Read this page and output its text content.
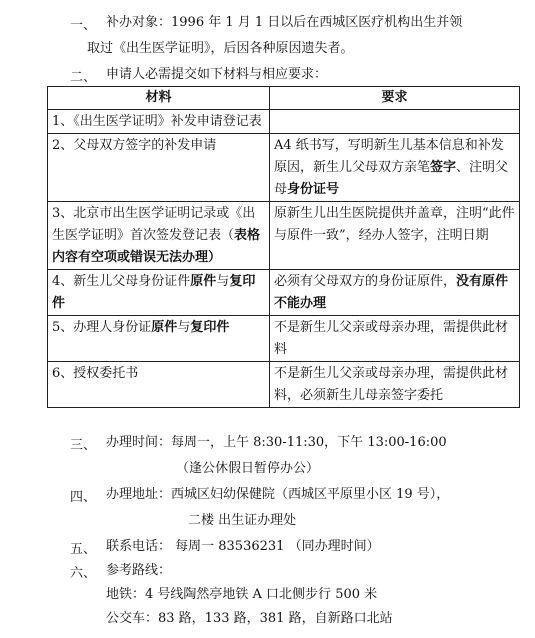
一、 补办对象：1996 年 1 月 1 日以后在西城区医疗机构出生并领
取过《出生医学证明》，后因各种原因遗失者。
二、 申请人必需提交如下材料与相应要求：
材料	要求
1、《出生医学证明》补发申请登记表	
2、父母双方签字的补发申请	A4 纸书写，写明新生儿基本信息和补发原因，新生儿父母双方亲笔签字、注明父母身份证号
3、北京市出生医学证明记录或《出生医学证明》首次签发登记表（表格内容有空项或错误无法办理）	原新生儿出生医院提供并盖章，注明“此件与原件一致”，经办人签字，注明日期
4、新生儿父母身份证件原件与复印件	必须有父母双方的身份证原件，没有原件不能办理
5、办理人身份证原件与复印件	不是新生儿父亲或母亲办理，需提供此材料
6、授权委托书	不是新生儿父亲或母亲办理，需提供此材料，必须新生儿母亲签字委托
三、 办理时间：每周一，上午 8:30-11:30，下午 13:00-16:00
（逢公休假日暂停办公）
四、 办理地址：西城区妇幼保健院（西城区平原里小区 19 号），
二楼 出生证办理处
五、 联系电话： 每周一 83536231 （同办理时间）
六、 参考路线：
地铁：4 号线陶然亭地铁 A 口北侧步行 500 米
公交车：83 路，133 路，381 路，自新路口北站
